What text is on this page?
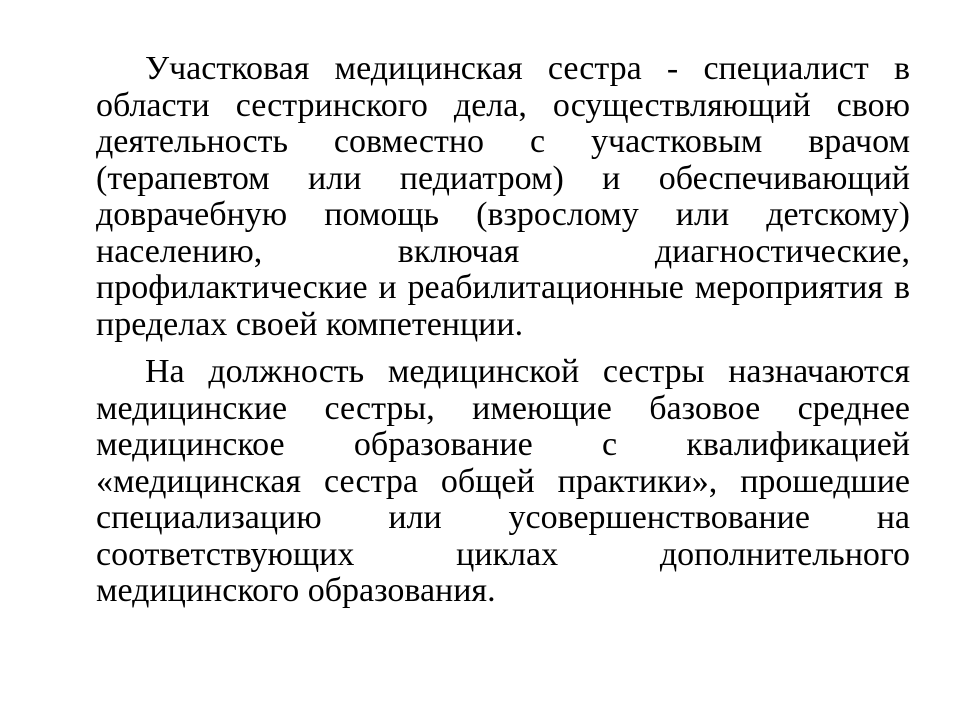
Участковая медицинская сестра - специалист в области сестринского дела, осуществляющий свою деятельность совместно с участковым врачом (терапевтом или педиатром) и обеспечивающий доврачебную помощь (взрослому или детскому) населению, включая диагностические, профилактические и реабилитационные мероприятия в пределах своей компетенции.

На должность медицинской сестры назначаются медицинские сестры, имеющие базовое среднее медицинское образование с квалификацией «медицинская сестра общей практики», прошедшие специализацию или усовершенствование на соответствующих циклах дополнительного медицинского образования.
